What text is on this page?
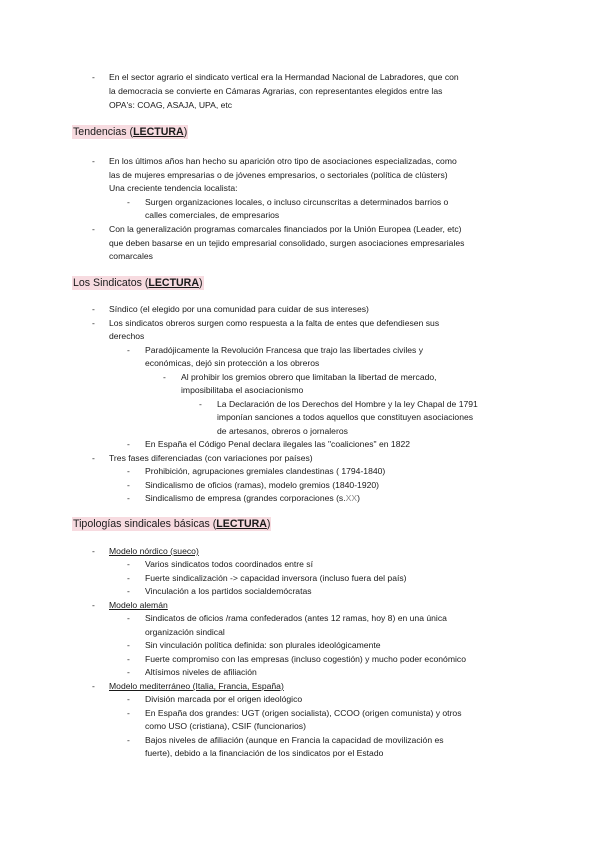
- En el sector agrario el sindicato vertical era la Hermandad Nacional de Labradores, que con
la democracia se convierte en Cámaras Agrarias, con representantes elegidos entre las
OPA's: COAG, ASAJA, UPA, etc
Tendencias (LECTURA)
- En los últimos años han hecho su aparición otro tipo de asociaciones especializadas, como
las de mujeres empresarias o de jóvenes empresarios, o sectoriales (política de clústers)
Una creciente tendencia localista:
- Surgen organizaciones locales, o incluso circunscritas a determinados barrios o
calles comerciales, de empresarios
- Con la generalización programas comarcales financiados por la Unión Europea (Leader, etc)
que deben basarse en un tejido empresarial consolidado, surgen asociaciones empresariales
comarcales
Los Sindicatos (LECTURA)
- Síndico (el elegido por una comunidad para cuidar de sus intereses)
- Los sindicatos obreros surgen como respuesta a la falta de entes que defendiesen sus
derechos
- Paradójicamente la Revolución Francesa que trajo las libertades civiles y
económicas, dejó sin protección a los obreros
- Al prohibir los gremios obrero que limitaban la libertad de mercado,
imposibilitaba el asociacionismo
- La Declaración de los Derechos del Hombre y la ley Chapal de 1791
imponían sanciones a todos aquellos que constituyen asociaciones
de artesanos, obreros o jornaleros
- En España el Código Penal declara ilegales las "coaliciones" en 1822
- Tres fases diferenciadas (con variaciones por países)
- Prohibición, agrupaciones gremiales clandestinas ( 1794-1840)
- Sindicalismo de oficios (ramas), modelo gremios (1840-1920)
- Sindicalismo de empresa (grandes corporaciones (s.XX)
Tipologías sindicales básicas (LECTURA)
- Modelo nórdico (sueco)
- Varios sindicatos todos coordinados entre sí
- Fuerte sindicalización -> capacidad inversora (incluso fuera del país)
- Vinculación a los partidos socialdemócratas
- Modelo alemán
- Sindicatos de oficios /rama confederados (antes 12 ramas, hoy 8) en una única
organización sindical
- Sin vinculación política definida: son plurales ideológicamente
- Fuerte compromiso con las empresas (incluso cogestión) y mucho poder económico
- Altísimos niveles de afiliación
- Modelo mediterráneo (Italia, Francia, España)
- División marcada por el origen ideológico
- En España dos grandes: UGT (origen socialista), CCOO (origen comunista) y otros
como USO (cristiana), CSIF (funcionarios)
- Bajos niveles de afiliación (aunque en Francia la capacidad de movilización es
fuerte), debido a la financiación de los sindicatos por el Estado
